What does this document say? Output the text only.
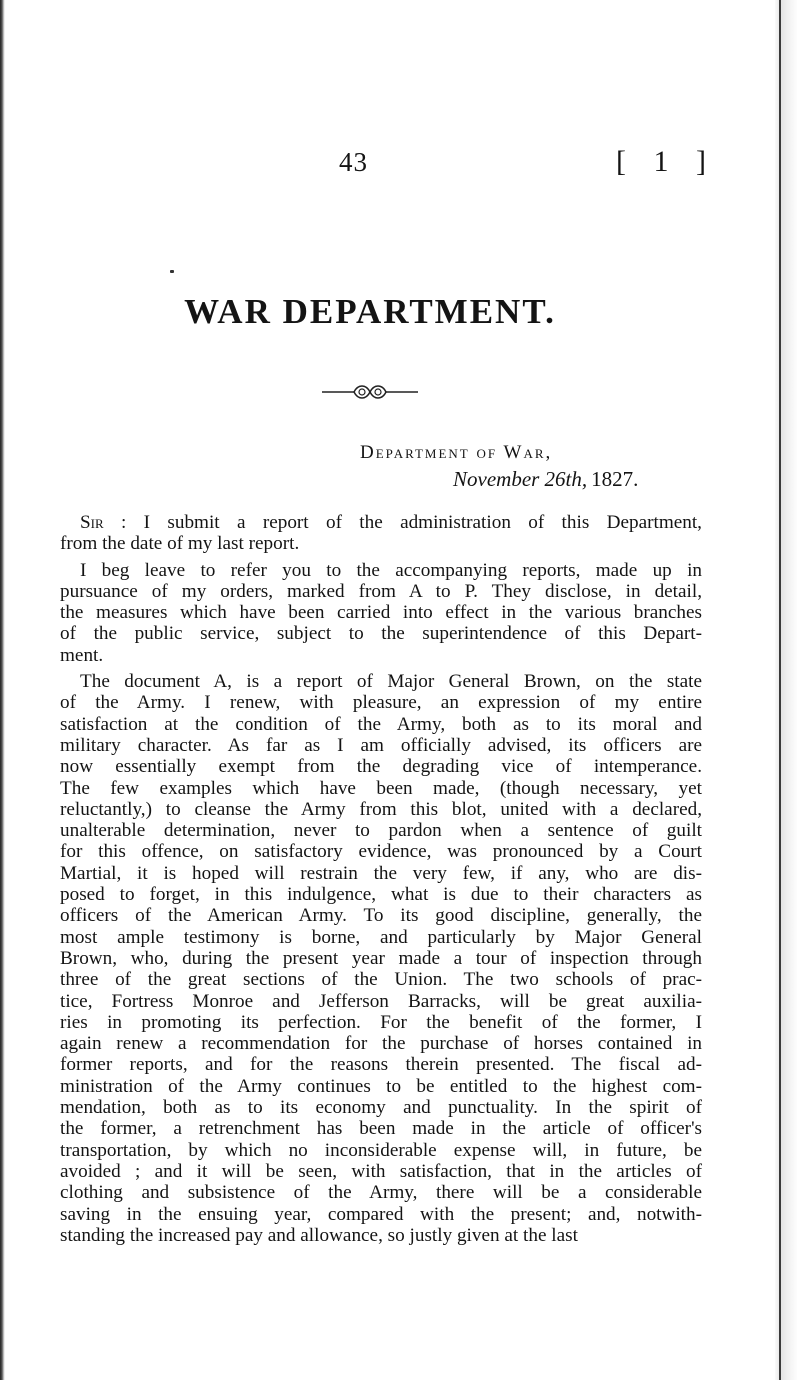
43	[ 1 ]
WAR DEPARTMENT.
Department of War,
November 26th, 1827.
Sir : I submit a report of the administration of this Department,
from the date of my last report.
I beg leave to refer you to the accompanying reports, made up in
pursuance of my orders, marked from A to P. They disclose, in detail,
the measures which have been carried into effect in the various branches
of the public service, subject to the superintendence of this Depart-
ment.
The document A, is a report of Major General Brown, on the state
of the Army. I renew, with pleasure, an expression of my entire
satisfaction at the condition of the Army, both as to its moral and
military character. As far as I am officially advised, its officers are
now essentially exempt from the degrading vice of intemperance.
The few examples which have been made, (though necessary, yet
reluctantly,) to cleanse the Army from this blot, united with a declared,
unalterable determination, never to pardon when a sentence of guilt
for this offence, on satisfactory evidence, was pronounced by a Court
Martial, it is hoped will restrain the very few, if any, who are dis-
posed to forget, in this indulgence, what is due to their characters as
officers of the American Army. To its good discipline, generally, the
most ample testimony is borne, and particularly by Major General
Brown, who, during the present year made a tour of inspection through
three of the great sections of the Union. The two schools of prac-
tice, Fortress Monroe and Jefferson Barracks, will be great auxilia-
ries in promoting its perfection. For the benefit of the former, I
again renew a recommendation for the purchase of horses contained in
former reports, and for the reasons therein presented. The fiscal ad-
ministration of the Army continues to be entitled to the highest com-
mendation, both as to its economy and punctuality. In the spirit of
the former, a retrenchment has been made in the article of officer's
transportation, by which no inconsiderable expense will, in future, be
avoided ; and it will be seen, with satisfaction, that in the articles of
clothing and subsistence of the Army, there will be a considerable
saving in the ensuing year, compared with the present; and, notwith-
standing the increased pay and allowance, so justly given at the last
